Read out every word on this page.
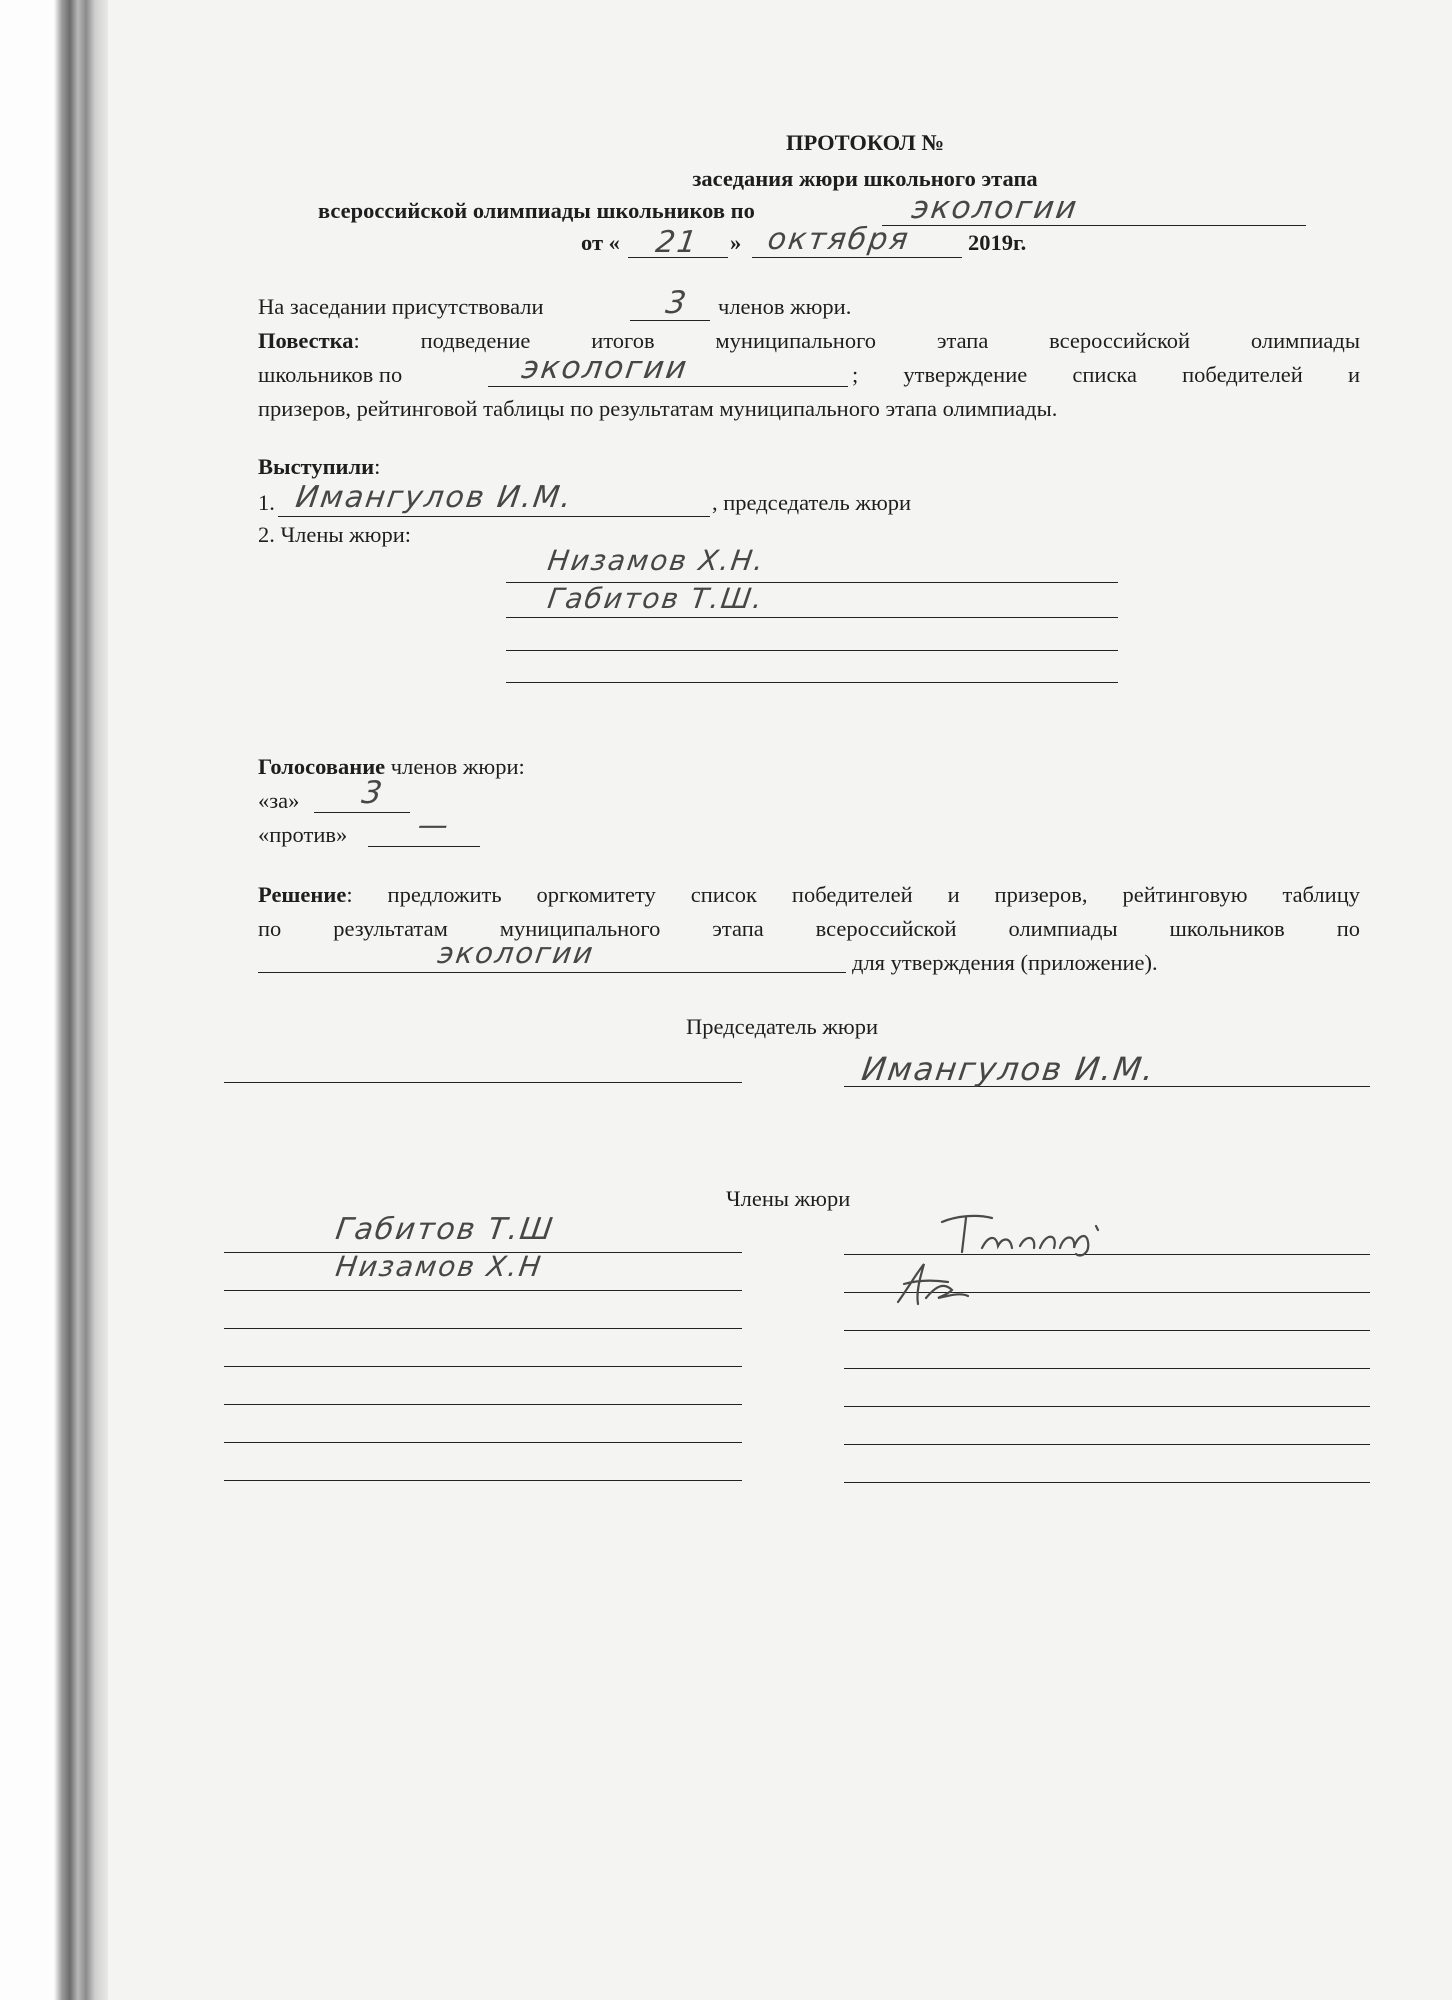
ПРОТОКОЛ №
заседания жюри школьного этапа
всероссийской олимпиады школьников по	экологии
от « 21 » октября 2019г.
На заседании присутствовали	3 членов жюри.
Повестка: подведение итогов муниципального этапа всероссийской олимпиады
школьников по	экологии	; утверждение списка победителей и
призеров, рейтинговой таблицы по результатам муниципального этапа олимпиады.
Выступили:
1. Имангулов И.М.	, председатель жюри
2. Члены жюри:
Низамов Х.Н.
Габитов Т.Ш.
Голосование членов жюри:
«за» 3
«против» —
Решение: предложить оргкомитету список победителей и призеров, рейтинговую таблицу
по результатам муниципального этапа всероссийской олимпиады школьников по
экологии	для утверждения (приложение).
Председатель жюри
Имангулов И.М.
Члены жюри
Габитов Т.Ш
Низамов Х.Н
